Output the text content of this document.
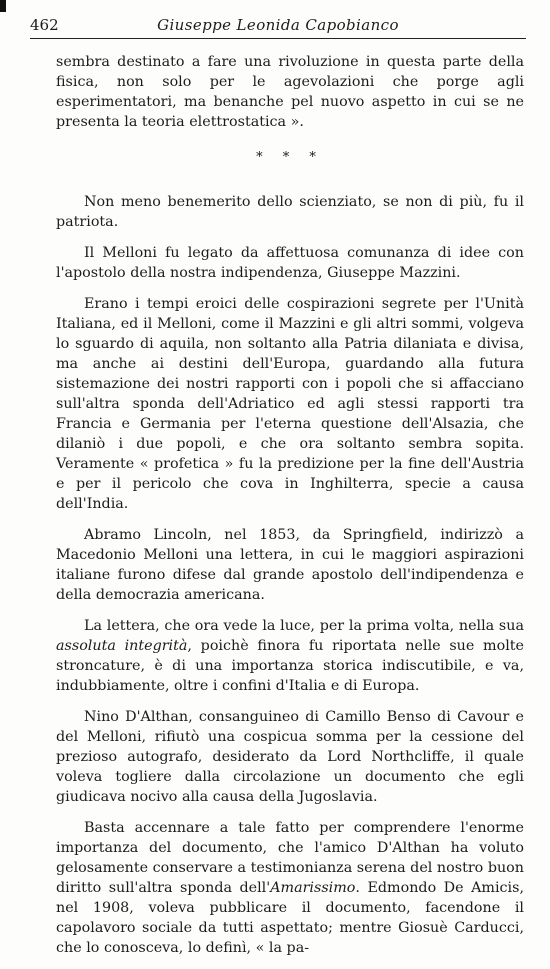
462	Giuseppe Leonida Capobianco

sembra destinato a fare una rivoluzione in questa parte della fisica, non solo per le agevolazioni che porge agli esperimentatori, ma benanche pel nuovo aspetto in cui se ne presenta la teoria elettrostatica ».

* * *

Non meno benemerito dello scienziato, se non di più, fu il patriota.

Il Melloni fu legato da affettuosa comunanza di idee con l'apostolo della nostra indipendenza, Giuseppe Mazzini.

Erano i tempi eroici delle cospirazioni segrete per l'Unità Italiana, ed il Melloni, come il Mazzini e gli altri sommi, volgeva lo sguardo di aquila, non soltanto alla Patria dilaniata e divisa, ma anche ai destini dell'Europa, guardando alla futura sistemazione dei nostri rapporti con i popoli che si affacciano sull'altra sponda dell'Adriatico ed agli stessi rapporti tra Francia e Germania per l'eterna questione dell'Alsazia, che dilaniò i due popoli, e che ora soltanto sembra sopita. Veramente « profetica » fu la predizione per la fine dell'Austria e per il pericolo che cova in Inghilterra, specie a causa dell'India.

Abramo Lincoln, nel 1853, da Springfield, indirizzò a Macedonio Melloni una lettera, in cui le maggiori aspirazioni italiane furono difese dal grande apostolo dell'indipendenza e della democrazia americana.

La lettera, che ora vede la luce, per la prima volta, nella sua assoluta integrità, poichè finora fu riportata nelle sue molte stroncature, è di una importanza storica indiscutibile, e va, indubbiamente, oltre i confini d'Italia e di Europa.

Nino D'Althan, consanguineo di Camillo Benso di Cavour e del Melloni, rifiutò una cospicua somma per la cessione del prezioso autografo, desiderato da Lord Northcliffe, il quale voleva togliere dalla circolazione un documento che egli giudicava nocivo alla causa della Jugoslavia.

Basta accennare a tale fatto per comprendere l'enorme importanza del documento, che l'amico D'Althan ha voluto gelosamente conservare a testimonianza serena del nostro buon diritto sull'altra sponda dell'Amarissimo. Edmondo De Amicis, nel 1908, voleva pubblicare il documento, facendone il capolavoro sociale da tutti aspettato; mentre Giosuè Carducci, che lo conosceva, lo definì, « la pa-
